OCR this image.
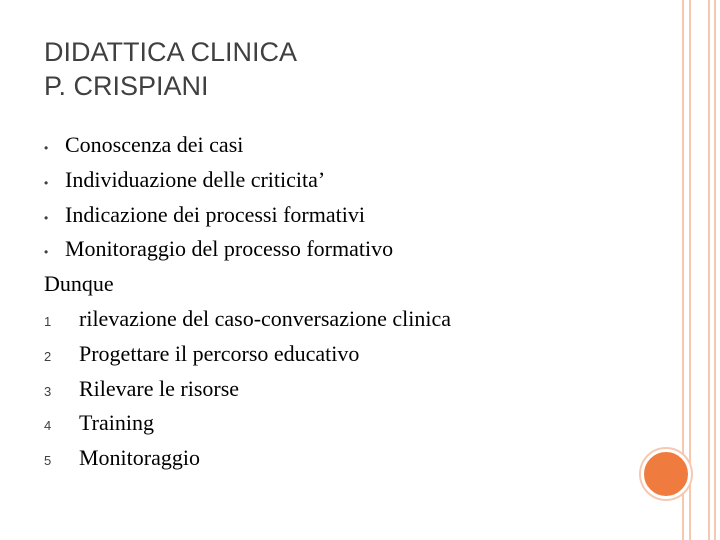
DIDATTICA CLINICA
P. CRISPIANI
• Conoscenza dei casi
• Individuazione delle criticita’
• Indicazione dei processi formativi
• Monitoraggio del processo formativo
Dunque
1	rilevazione del caso-conversazione clinica
2	Progettare il percorso educativo
3	Rilevare le risorse
4	Training
5	Monitoraggio
